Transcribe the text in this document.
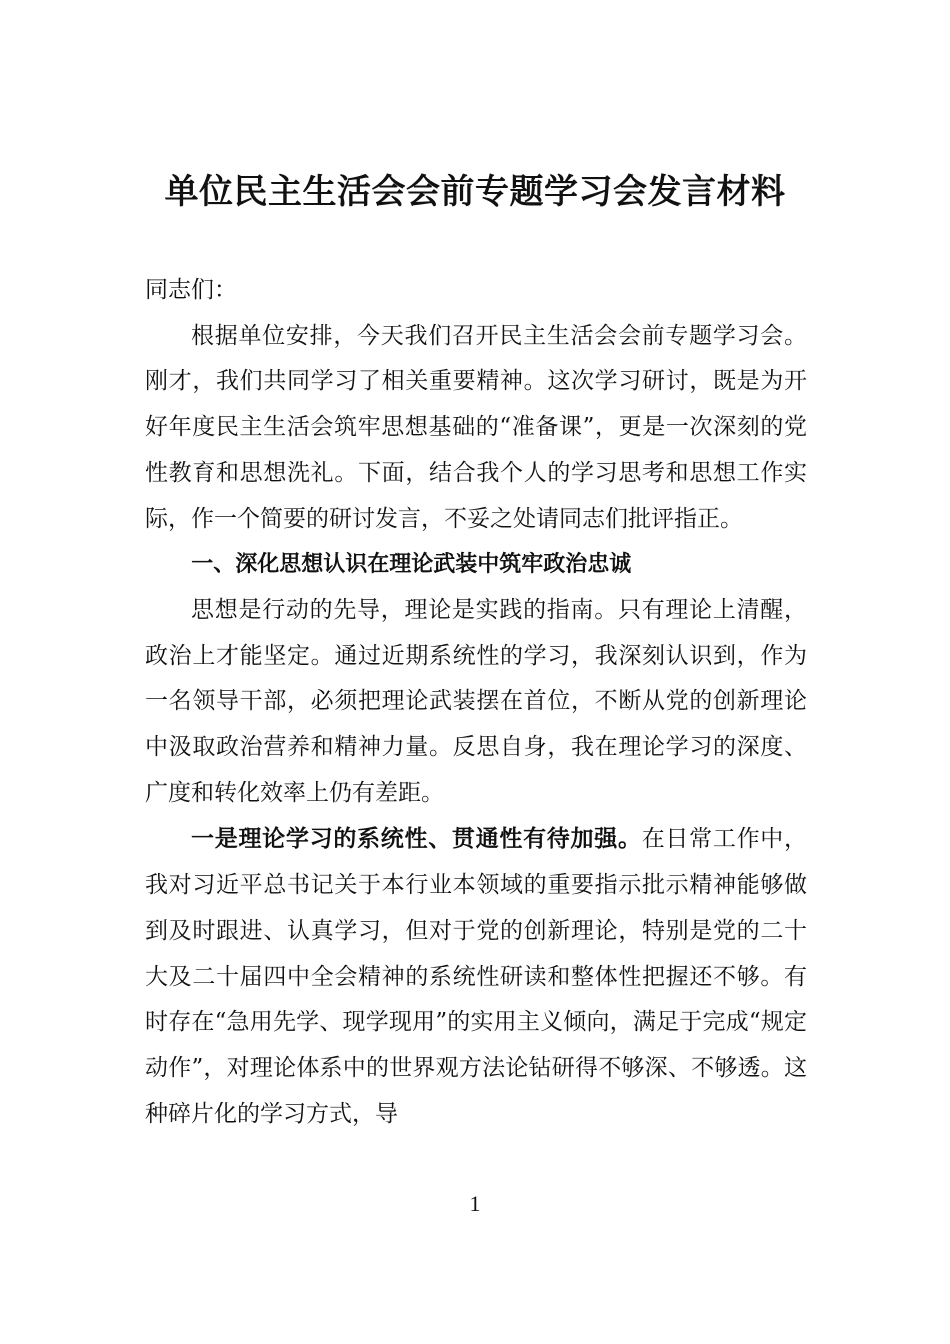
单位民主生活会会前专题学习会发言材料

同志们：

根据单位安排，今天我们召开民主生活会会前专题学习会。刚才，我们共同学习了相关重要精神。这次学习研讨，既是为开好年度民主生活会筑牢思想基础的“准备课”，更是一次深刻的党性教育和思想洗礼。下面，结合我个人的学习思考和思想工作实际，作一个简要的研讨发言，不妥之处请同志们批评指正。

一、深化思想认识在理论武装中筑牢政治忠诚

思想是行动的先导，理论是实践的指南。只有理论上清醒，政治上才能坚定。通过近期系统性的学习，我深刻认识到，作为一名领导干部，必须把理论武装摆在首位，不断从党的创新理论中汲取政治营养和精神力量。反思自身，我在理论学习的深度、广度和转化效率上仍有差距。

一是理论学习的系统性、贯通性有待加强。在日常工作中，我对习近平总书记关于本行业本领域的重要指示批示精神能够做到及时跟进、认真学习，但对于党的创新理论，特别是党的二十大及二十届四中全会精神的系统性研读和整体性把握还不够。有时存在“急用先学、现学现用”的实用主义倾向，满足于完成“规定动作”，对理论体系中的世界观方法论钻研得不够深、不够透。这种碎片化的学习方式，导

1
